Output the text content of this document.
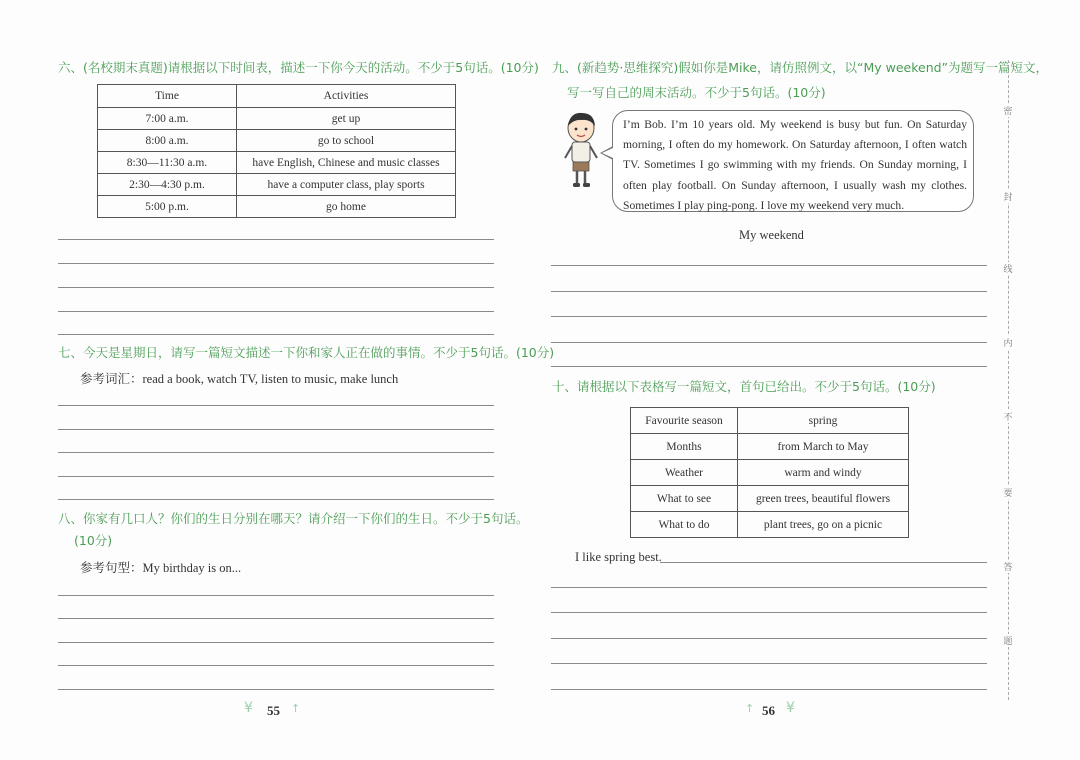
六、(名校期末真题)请根据以下时间表，描述一下你今天的活动。不少于5句话。(10分)
Time	Activities
7:00 a.m.	get up
8:00 a.m.	go to school
8:30—11:30 a.m.	have English, Chinese and music classes
2:30—4:30 p.m.	have a computer class, play sports
5:00 p.m.	go home
七、今天是星期日，请写一篇短文描述一下你和家人正在做的事情。不少于5句话。(10分)
参考词汇：read a book, watch TV, listen to music, make lunch
八、你家有几口人？你们的生日分别在哪天？请介绍一下你们的生日。不少于5句话。
(10分)
参考句型：My birthday is on...
¥ 55 ↑
九、(新趋势·思维探究)假如你是Mike，请仿照例文，以“My weekend”为题写一篇短文，
写一写自己的周末活动。不少于5句话。(10分)
I’m Bob. I’m 10 years old. My weekend is busy but fun. On Saturday morning, I often do my homework. On Saturday afternoon, I often watch TV. Sometimes I go swimming with my friends. On Sunday morning, I often play football. On Sunday afternoon, I usually wash my clothes. Sometimes I play ping-pong. I love my weekend very much.
My weekend
十、请根据以下表格写一篇短文，首句已给出。不少于5句话。(10分)
Favourite season	spring
Months	from March to May
Weather	warm and windy
What to see	green trees, beautiful flowers
What to do	plant trees, go on a picnic
I like spring best.
↑ 56 ¥
密
封
线
内
不
要
答
题
